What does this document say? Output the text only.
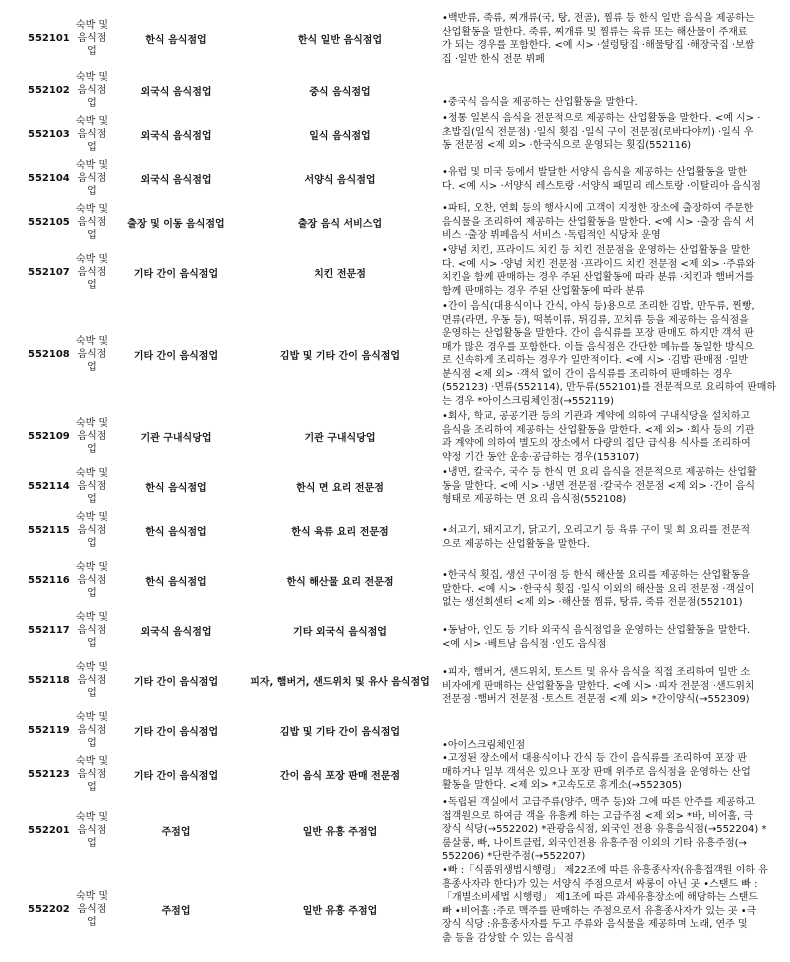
552101
숙박 및
음식점
업
한식 음식점업	한식 일반 음식점업
•백반류, 죽류, 찌개류(국, 탕, 전골), 찜류 등 한식 일반 음식을 제공하는
산업활동을 말한다. 죽류, 찌개류 및 찜류는 육류 또는 해산물이 주재료
가 되는 경우를 포함한다. <예 시> ·설렁탕집 ·해물탕집 ·해장국집 ·보쌈
집 ·일반 한식 전문 뷔페
552102
숙박 및
음식점
업
외국식 음식점업	중식 음식점업
•중국식 음식을 제공하는 산업활동을 말한다.
552103
숙박 및
음식점
업
외국식 음식점업	일식 음식점업
•정통 일본식 음식을 전문적으로 제공하는 산업활동을 말한다. <예 시> ·
초밥집(일식 전문점) ·일식 횟집 ·일식 구이 전문점(로바다야끼) ·일식 우
동 전문점 <제 외> ·한국식으로 운영되는 횟집(552116)
552104
숙박 및
음식점
업
외국식 음식점업	서양식 음식점업
•유럽 및 미국 등에서 발달한 서양식 음식을 제공하는 산업활동을 말한
다. <예 시> ·서양식 레스토랑 ·서양식 패밀리 레스토랑 ·이탈리아 음식점
552105
숙박 및
음식점
업
출장 및 이동 음식점업	출장 음식 서비스업
•파티, 오찬, 연회 등의 행사시에 고객이 지정한 장소에 출장하여 주문한
음식물을 조리하여 제공하는 산업활동을 말한다. <예 시> ·출장 음식 서
비스 ·출장 뷔페음식 서비스 ·독립적인 식당차 운영
552107
숙박 및
음식점
업
기타 간이 음식점업	치킨 전문점
•양념 치킨, 프라이드 치킨 등 치킨 전문점을 운영하는 산업활동을 말한
다. <예 시> ·양념 치킨 전문점 ·프라이드 치킨 전문점 <제 외> ·주류와
치킨을 함께 판매하는 경우 주된 산업활동에 따라 분류 ·치킨과 햄버거를
함께 판매하는 경우 주된 산업활동에 따라 분류
552108
숙박 및
음식점
업
기타 간이 음식점업	김밥 및 기타 간이 음식점업
•간이 음식(대용식이나 간식, 야식 등)용으로 조리한 김밥, 만두류, 찐빵,
면류(라면, 우동 등), 떡볶이류, 튀김류, 꼬치류 등을 제공하는 음식점을
운영하는 산업활동을 말한다. 간이 음식류를 포장 판매도 하지만 객석 판
매가 많은 경우를 포함한다. 이들 음식점은 간단한 메뉴를 동일한 방식으
로 신속하게 조리하는 경우가 일반적이다. <예 시> ·김밥 판매점 ·일반
분식점 <제 외> ·객석 없이 간이 음식류를 조리하여 판매하는 경우
(552123) ·면류(552114), 만두류(552101)를 전문적으로 요리하여 판매하
는 경우 *아이스크림체인점(→552119)
552109
숙박 및
음식점
업
기관 구내식당업	기관 구내식당업
•회사, 학교, 공공기관 등의 기관과 계약에 의하여 구내식당을 설치하고
음식을 조리하여 제공하는 산업활동을 말한다. <제 외> ·회사 등의 기관
과 계약에 의하여 별도의 장소에서 다량의 집단 급식용 식사를 조리하여
약정 기간 동안 운송·공급하는 경우(153107)
552114
숙박 및
음식점
업
한식 음식점업	한식 면 요리 전문점
•냉면, 칼국수, 국수 등 한식 면 요리 음식을 전문적으로 제공하는 산업활
동을 말한다. <예 시> ·냉면 전문점 ·칼국수 전문점 <제 외> ·간이 음식
형태로 제공하는 면 요리 음식점(552108)
552115
숙박 및
음식점
업
한식 음식점업	한식 육류 요리 전문점	•쇠고기, 돼지고기, 닭고기, 오리고기 등 육류 구이 및 회 요리를 전문적
으로 제공하는 산업활동을 말한다.
552116
숙박 및
음식점
업
한식 음식점업	한식 해산물 요리 전문점
•한국식 횟집, 생선 구이점 등 한식 해산물 요리를 제공하는 산업활동을
말한다. <예 시> ·한국식 횟집 ·일식 이외의 해산물 요리 전문점 ·객실이
없는 생선회센터 <제 외> ·해산물 찜류, 탕류, 죽류 전문점(552101)
552117
숙박 및
음식점
업
외국식 음식점업	기타 외국식 음식점업	•동남아, 인도 등 기타 외국식 음식점업을 운영하는 산업활동을 말한다.
<예 시> ·베트남 음식점 ·인도 음식점
552118
숙박 및
음식점
업
기타 간이 음식점업	피자, 햄버거, 샌드위치 및 유사 음식점업
•피자, 햄버거, 샌드위치, 토스트 및 유사 음식을 직접 조리하여 일반 소
비자에게 판매하는 산업활동을 말한다. <예 시> ·피자 전문점 ·샌드위치
전문점 ·햄버거 전문점 ·토스트 전문점 <제 외> *간이양식(→552309)
552119
숙박 및
음식점
업
기타 간이 음식점업	김밥 및 기타 간이 음식점업
•아이스크림체인점
552123
숙박 및
음식점
업
기타 간이 음식점업	간이 음식 포장 판매 전문점
•고정된 장소에서 대용식이나 간식 등 간이 음식류를 조리하여 포장 판
매하거나 일부 객석은 있으나 포장 판매 위주로 음식점을 운영하는 산업
활동을 말한다. <제 외> *고속도로 휴게소(→552305)
552201
숙박 및
음식점
업
주점업	일반 유흥 주점업
•독립된 객실에서 고급주류(양주, 맥주 등)와 그에 따른 안주를 제공하고
접객원으로 하여금 객을 유흥케 하는 고급주점 <제 외> *바, 비어홀, 극
장식 식당(→552202) *관광음식점, 외국인 전용 유흥음식점(→552204) *
룸살롱, 빠, 나이트클럽, 외국인전용 유흥주점 이외의 기타 유흥주점(→
552206) *단란주점(→552207)
552202
숙박 및
음식점
업
주점업	일반 유흥 주점업
•빠 :「식품위생법시행령」 제22조에 따른 유흥종사자(유흥접객원 이하 유
흥종사자라 한다)가 있는 서양식 주점으로서 싸롱이 아닌 곳 •스탠드 빠 :
「개별소비세법 시행령」 제1조에 따른 과세유흥장소에 해당하는 스탠드
빠 •비어홀 :주로 맥주를 판매하는 주점으로서 유흥종사자가 있는 곳 •극
장식 식당 :유흥종사자를 두고 주류와 음식물을 제공하며 노래, 연주 및
춤 등을 감상할 수 있는 음식점
